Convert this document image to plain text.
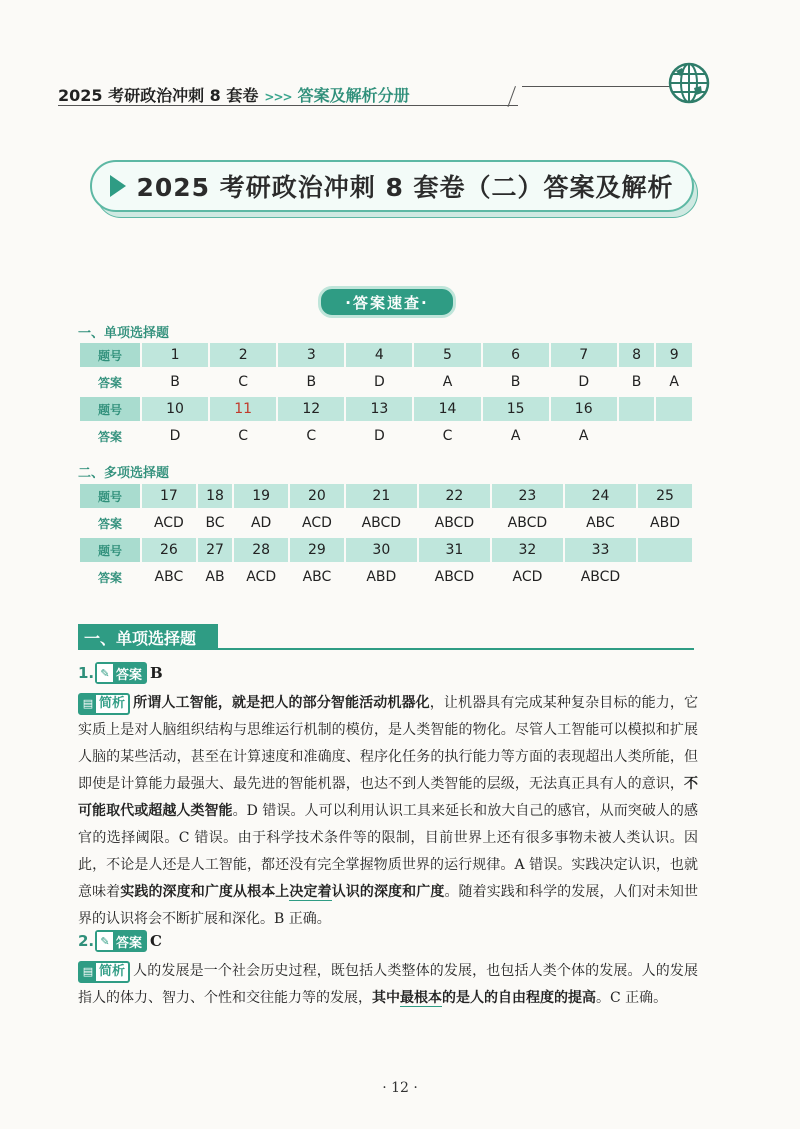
2025 考研政治冲刺 8 套卷 >>> 答案及解析分册
2025 考研政治冲刺 8 套卷（二）答案及解析
·答案速查·
一、单项选择题
题号	1	2	3	4	5	6	7	8	9
答案	B	C	B	D	A	B	D	B	A
题号	10	11	12	13	14	15	16		
答案	D	C	C	D	C	A	A		
二、多项选择题
题号	17	18	19	20	21	22	23	24	25
答案	ACD	BC	AD	ACD	ABCD	ABCD	ABCD	ABC	ABD
题号	26	27	28	29	30	31	32	33	
答案	ABC	AB	ACD	ABC	ABD	ABCD	ACD	ABCD	
一、单项选择题
1. ✎ 答案 B
▤ 简析 所谓人工智能，就是把人的部分智能活动机器化，让机器具有完成某种复杂目标的能力，它实质上是对人脑组织结构与思维运行机制的模仿，是人类智能的物化。尽管人工智能可以模拟和扩展人脑的某些活动，甚至在计算速度和准确度、程序化任务的执行能力等方面的表现超出人类所能，但即使是计算能力最强大、最先进的智能机器，也达不到人类智能的层级，无法真正具有人的意识，不可能取代或超越人类智能。D 错误。人可以利用认识工具来延长和放大自己的感官，从而突破人的感官的选择阈限。C 错误。由于科学技术条件等的限制，目前世界上还有很多事物未被人类认识。因此，不论是人还是人工智能，都还没有完全掌握物质世界的运行规律。A 错误。实践决定认识，也就意味着实践的深度和广度从根本上决定着认识的深度和广度。随着实践和科学的发展，人们对未知世界的认识将会不断扩展和深化。B 正确。
2. ✎ 答案 C
▤ 简析 人的发展是一个社会历史过程，既包括人类整体的发展，也包括人类个体的发展。人的发展指人的体力、智力、个性和交往能力等的发展，其中最根本的是人的自由程度的提高。C 正确。
· 12 ·
